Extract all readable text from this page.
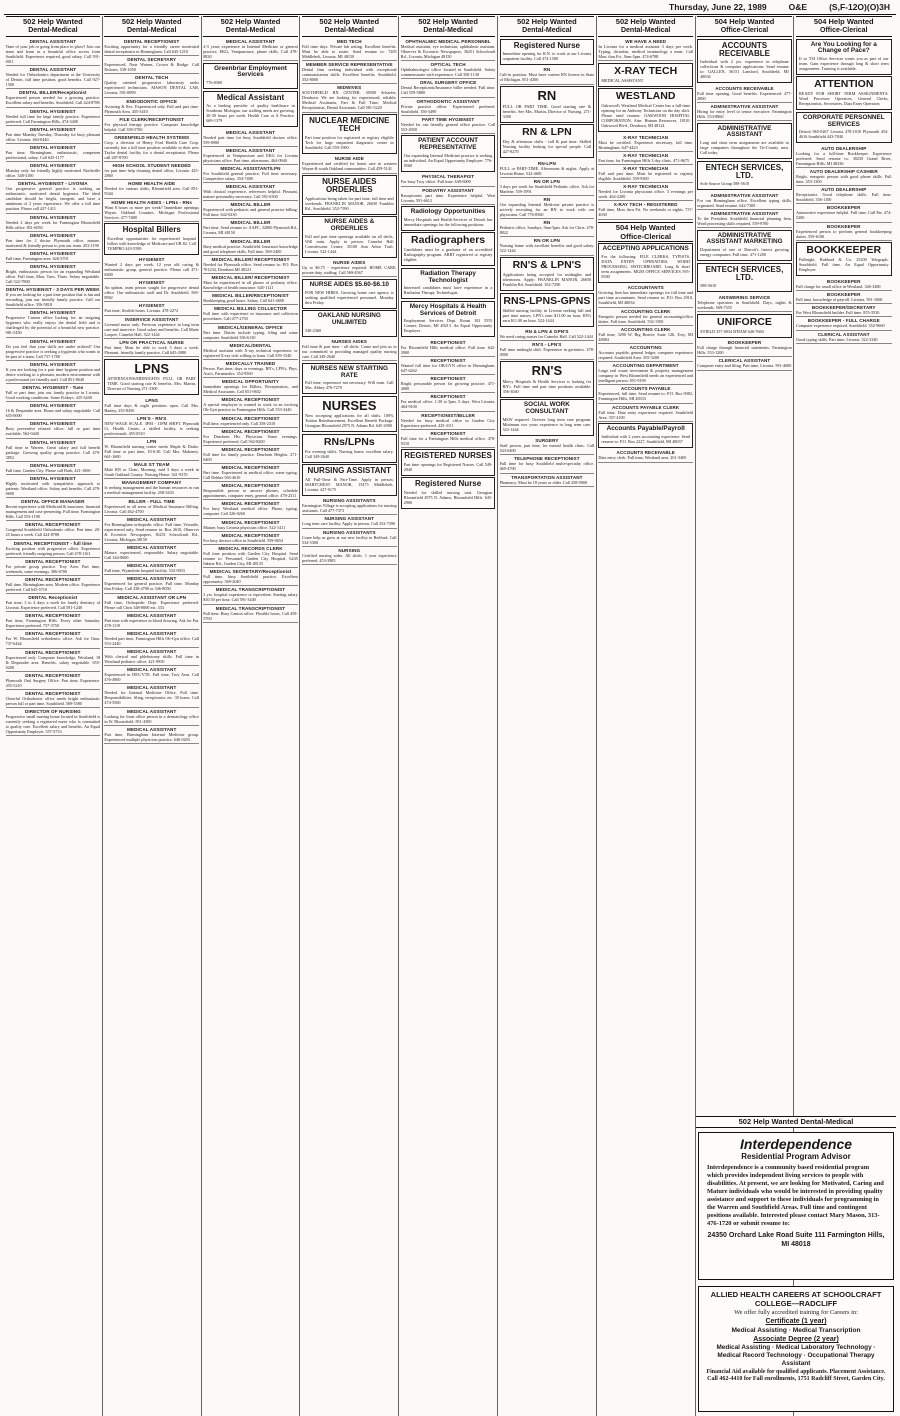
Thursday, June 22, 1989	O&E	(S,F-12O)(O)3H
502 Help Wanted
Dental-Medical
DENTAL ASSISTANT
Time of your job or going from place to place? Join our team and learn in a beautiful office across from Southfield. Experience required, good salary. Call 591-0011
DENTAL ASSISTANT
Needed for Orthodontics department at the University of Detroit, full time position, good benefits. Call 927-1500
DENTAL BILLER/Receptionist
Experienced person needed for a growing practice. Excellent salary and benefits. Southfield. Call 424-8788
DENTAL HYGIENIST
Needed full time for large family practice. Experience preferred. Call Farmington Hills, 474-3400
DENTAL HYGIENIST
Part time Monday Tuesday, Thursday for busy pleasant office. Livonia. 464-0440
DENTAL HYGIENIST
Part time, Birmingham, enthusiastic, competent professional, salary. Call 645-1177
DENTAL HYGIENIST
Monday only for friendly highly motivated Northville office. 348-3100
DENTAL HYGIENIST - LIVONIA
Our progressive general practice is seeking an enthusiastic, motivated dental hygienist. The ideal candidate should be bright, energetic and have a minimum of 2 years experience. We offer a full time position. Please call 427-1411
DENTAL HYGIENIST
Needed 2 days per week for Farmington Bloomfield Hills office. 851-6050
DENTAL HYGIENIST
Part time for 2 doctor Plymouth office, mature, motivated & friendly person to join our team. 453-1190
DENTAL HYGIENIST
Full time, Farmington area. 626-3701
DENTAL HYGIENIST
Bright, enthusiastic person for an expanding Westland office. Full time, Mon, Tues, Thurs. Salary negotiable. Call 522-7800
DENTAL HYGIENIST - 3 DAYS PER WEEK
If you are looking for a part time position that is fun and rewarding, join our friendly family practice. Call our Southfield office. 356-5818
DENTAL HYGIENIST
Progressive Canton office looking for an outgoing hygienist who really enjoys the dental field and is challenged by the potential of a beautiful new practice. 981-5450
DENTAL HYGIENIST
Do you feel that your skills are under utilized? Our progressive practice is seeking a hygienist who wants to be part of a team. Call 737-1700
DENTAL HYGIENIST
If you are looking for a part time hygiene position and desire working in a pleasant, modern environment with a professional yet friendly staff. Call 851-8640
DENTAL HYGIENIST - Tues
Full or part time, join our family practice in Livonia. Good working conditions. Some Fridays. 425-3440
DENTAL HYGIENIST
16 & Dequindre area. Hours and salary negotiable. Call 655-0000
DENTAL HYGIENIST
Busy preventive relaxed office, full or part time available. 562-0440
DENTAL HYGIENIST
Full time in Warren. Great salary and full benefit package. Growing quality group practice. Call 479-3852
DENTAL HYGIENIST
Full time, Garden City. Please call Barb, 421-1000
DENTAL HYGIENIST
Highly motivated with sympathetic approach to patients. Westland office. Salary and benefits. Call 478-0600
DENTAL OFFICE MANAGER
Recent experience with Medicaid & insurance, financial management and case presenting. Full time, Farmington Hills. Call 553-1198
DENTAL RECEPTIONIST
Congenial Southfield Orthodontic office. Part time. 20-25 hours a week. Call 424-8788
DENTAL RECEPTIONIST - full time
Exciting position with progressive office. Experience preferred, friendly outgoing person. Call 478-1161
DENTAL RECEPTIONIST
For private group practice. Troy Area. Part time, weekends, some evenings. 586-6700
DENTAL RECEPTIONIST
Full time. Birmingham area. Modern office. Experience preferred. Call 645-5710
DENTAL Receptionist
Part time, 3 to 4 days a week for family dentistry of Livonia. Experience preferred. Call 591-1240
DENTAL RECEPTIONIST
Part time, Farmington Hills. Every other Saturday. Experience preferred. 737-3750
DENTAL RECEPTIONIST
For W. Bloomfield orthodontic office. Ask for Gina. 737-6444
DENTAL RECEPTIONIST
Experienced only. Computer knowledge, Westland, 18 & Dequindre area. Benefits, salary negotiable. 655-0200
DENTAL RECEPTIONIST
Plymouth Oral Surgery Office. Part time, Experience. 455-5210
DENTAL RECEPTIONIST
Cheerful Orthodontic office needs bright enthusiastic person full or part time. Southfield. 569-5580
DIRECTOR OF NURSING
Progressive small nursing home located in Southfield is currently seeking a registered nurse who is committed to quality care. Excellent salary and benefits. An Equal Opportunity Employer. 557-3733
502 Help Wanted
Dental-Medical
DENTAL RECEPTIONIST
Exciting opportunity for a friendly career motivated dental receptionist in Birmingham. Call 645-1210
DENTAL SECRETARY
Experienced, Near Warren, Crown & Bridge. Call Dolores, 539-1050
DENTAL TECH
Quality oriented progressive laboratory seeks experienced technicians. MASON DENTAL LAB, Livonia. 591-0099
ENDODONTIC OFFICE
Assisting & Rec. Experienced only. Full and part time. Plymouth Area. 455-3410
FILE CLERK/RECEPTIONIST
For physical therapy practice. Computer knowledge helpful. Call 358-5700
GREENFIELD HEALTH SYSTEMS
Corp. a division of Henry Ford Health Care Corp. currently has a full time position available in their new Taylor dental facility for a dental receptionist. Please call 287-8700
HIGH SCHOOL STUDENT NEEDED
for part time help cleaning dental office, Livonia. 425-2860
HOME HEALTH AIDE
Needed for various shifts, Bloomfield area. Call 851-9344
HOME HEALTH AIDES - LPNs - RNs
Want 8 hours or more per week? Immediate openings Wayne, Oakland Counties. Michigan Professional Services. 477-7488
Hospital Billers
Excellent opportunities for experienced hospital billers with knowledge of Medicare and UB 82. Call TEMPRO 443-5590
HYGIENIST
Wanted 2 days per week, 12 year old caring & enthusiastic group, general practice. Please call 471-8400
HYGIENIST
An upbeat, team person sought for progressive dental office. Our enthusiastic staff and Dr. Southfield. 569-8902
HYGIENIST
Part time, flexible hours. Livonia. 478-2272
INSERVICE ASSISTANT
Licensed nurse only. Previous experience in long term care and inservice. Good salary and benefits. Call Marie Loopee, Camelot Hall. 522-1444
LPN OR PRACTICAL NURSE
Part time, Must be able to work 3 days a week. Pleasant, friendly family practice. Call 645-2080
LPNS
AFTERNOONS/MIDNIGHTS FULL OR PART TIME. Good starting rate & benefits. Mrs. Martin, Director of Nursing 271-3300
LPNS
Full time days & night positions open. Call Mrs. Hanley, 255-8450
LPN'S - RN'S
NEW WAGE SCALE. 3PM - 11PM SHIFT. Plymouth Ct. Health Center, a skilled facility, is seeking professionals. 455-0510
LPN
W. Bloomfield nursing center needs Maple & Drake. Full time or part time, 10-6:30. Call Mrs. Mahoney. 661-1600
MALE ST TEAM
Male RN or Chair, Morning, mid 3 days a week in South Oakland County. Nursing Home. 541-9270
MANAGEMENT COMPANY
Is seeking management and the human resources to run a medical management facility. 258-3433
BILLER - FULL TIME
Experienced in all areas of Medical Insurance Billing. Livonia. Call 462-4700
MEDICAL ASSISTANT
For Birmingham orthopedic office. Full time, Versatile, experienced only. Send resume to: Box 2610, Observer & Eccentric Newspapers, 36251 Schoolcraft Rd., Livonia, Michigan 48150
MEDICAL ASSISTANT
Mature, experienced, responsible. Salary negotiable. Call 344-0600
MEDICAL ASSISTANT
Full time, Wyandotte hospital facility. 532-0033
MEDICAL ASSISTANT
Experienced for general practice. Full time. Monday thru Friday. Call 338-4700 or 346-8050
MEDICAL ASSISTANT OR LPN
Full time, Orthopedic Dept. Experience preferred. Please call Chris 348-8000 ext. 333
MEDICAL ASSISTANT
Part time with experience in blood drawing. Ask for Pat. 478-1119
MEDICAL ASSISTANT
Needed part time, Farmington Hills Ob-Gyn office. Call 553-2440
MEDICAL ASSISTANT
With clerical and phlebotomy skills. Full time in Westland pediatric office. 421-0950
MEDICAL ASSISTANT
Experienced in DEC/VTE. Full time, Troy Area. Call 476-4900
MEDICAL ASSISTANT
Needed for Internal Medicine Office. Full time. Responsibilities: filing, receptionist, etc. 30 hours. Call 474-5500
MEDICAL ASSISTANT
Looking for front office person in a dermatology office in W. Bloomfield. 851-4500
MEDICAL ASSISTANT
Part time, Birmingham Internal Medicine group. Experienced multiple physician practice. 646-0203
502 Help Wanted
Dental-Medical
MEDICAL ASSISTANT
2-3 years experience in Internal Medicine or general practice, EKG, Venipuncture, phone skills. Call 478-8830
Greenbriar Employment Services
776-0560
Medical Assistant
As a leading provider of quality healthcare in Southeast Michigan, our staffing needs are growing. 20-30 hours per week. Health Care at A Practice. 669-1379
MEDICAL ASSISTANT
Needed part time for busy Southfield doctors office. 559-0900
MEDICAL ASSISTANT
Experienced in Venipuncture and EKG for Livonia physicians office. Part time, afternoons. 464-0940
MEDICAL ASSISTANT/LPN
For Southfield general practice, Full time necessary. Competitive salary. 354-7480
MEDICAL ASSISTANT
With clinical experience, references helpful. Pleasant, mature personality necessary. Call 591-6300
MEDICAL BILLER
Experienced with pediatric and general practice billing. Full time. 642-0230
MEDICAL BILLER
Part time. Send resume to: AAPC, 32000 Plymouth Rd., Livonia, MI 48150
MEDICAL BILLER
Busy medical practice. Southfield. Insurance knowledge and good telephone skills. Full time. 569-2400
MEDICAL BILLER/ RECEPTIONIST
Needed for Plymouth office. Send resume to: P.O. Box 701234, Dearborn MI 48121
MEDICAL BILLER/ RECEPTIONIST
Must be experienced in all phases of podiatry office. Knowledge of health insurance. 645-1121
MEDICAL BILLER/RECEPTIONIST
Bookkeeping good hours. Salary. Call 641-4600
MEDICAL BILLING COLLECTOR
Full time with experience in insurance and collection procedures. Call 477-2750
MEDICAL/GENERAL OFFICE
Part time. Duties include typing, filing and some computer. Southfield 356-6130
MEDICAL/DENTAL
Medical assistant with X-ray technical experience, or registered X-ray tech willing to learn. Call 559-1540
MEDICALLY TRAINED
Person. Part time, days or evenings. RN's, LPN's, Phys. Asst's, Paramedics. 352-9560
MEDICAL OPPORTUNITY
Immediate openings for Billers, Receptionists, and Medical Assistants. Call 651-0652
MEDICAL RECEPTIONIST
A special employee is wanted to work in an exciting Ob-Gyn practice in Farmington Hills. Call 553-3440
MEDICAL RECEPTIONIST
Full time, experienced only. Call 358-2310
MEDICAL RECEPTIONIST
For Dearborn Hts. Physician. Some evenings. Experience preferred. Call 562-8200
MEDICAL RECEPTIONIST
Full time for family practice. Dearborn Heights. 271-6400
MEDICAL RECEPTIONIST
Part time. Experienced in medical office, some typing. Call Debbie 563-4610
MEDICAL RECEPTIONIST
Responsible person to answer phones, schedule appointments, computer entry, general office. 478-2311
MEDICAL RECEPTIONIST
For busy Westland medical office. Phone, typing, computer. Call 326-0260
MEDICAL RECEPTIONIST
Mature, busy Livonia physician office. 522-1411
MEDICAL RECEPTIONIST
For busy doctors office in Southfield. 559-0654
MEDICAL RECORDS CLERK
Full time position with Garden City Hospital. Send resume to: Personnel, Garden City Hospital, 6245 Inkster Rd., Garden City, MI 48135
MEDICAL SECRETARY/Receptionist
Full time, busy Southfield practice. Excellent opportunity. 569-2040
MEDICAL TRANSCRIPTIONIST
2 yrs. hospital experience or equivalent. Starting salary $10.50 per hour. Call 591-3440
MEDICAL TRANSCRIPTIONIST
Full time. Busy Canton office. Flexible hours. Call 459-5700
502 Help Wanted
Dental-Medical
MED TECH
Full time days. Private lab setting. Excellent benefits. Must be able to rotate. Send resume to: 7205 Middlebelt, Livonia, MI 48150
MEMBER SERVICE REPRESENTATIVE
Dental firm seeking individual with exceptional communication skills. Excellent benefits. Southfield. 352-8000
MIDWIVES
SOUTHFIELD RN CENTER. 30500 Schaefer, Dearborn. We are looking for experienced, reliable: Medical Assistants, Part & Full Time, Medical Receptionists, Dental Assistants. Call 581-5220
NUCLEAR MEDICINE TECH
Part time position for registered or registry eligible Tech for large outpatient diagnostic center in Southfield. Call 559-1900
NURSE AIDE
Experienced and certified for home care in western Wayne & south Oakland communities. Call 459-5141
NURSE AIDES ORDERLIES
Applications being taken for part time, full time and weekends. FRANKLIN MANOR, 26650 Franklin Rd., Southfield. 352-7390
NURSE AIDES & ORDERLIES
Full and part time openings available on all shifts. Will train. Apply in person: Camelot Hall Convalescent Center, 35100 Ann Arbor Trail, Livonia. 522-1444.
NURSE AIDES
Up to $6.75 - experience required. HOME CARE, private duty, staffing. Call 569-4567
NURSE AIDES $5.60-$6.10
FOR NEW HIRES. Growing home care agency is seeking qualified experienced personnel. Monday thru Friday.
OAKLAND NURSING UNLIMITED
540-2360
NURSES AIDES
Full time & part time - all shifts. Come and join us in our committed to providing managed quality nursing care. Call 349-2640
NURSES NEW STARTING RATE
Full time, experience not necessary. Will train. Call Mrs. Abbey 476-7270
NURSES
Now accepting applications for all shifts. 100% Tuition Reimbursement, Excellent Benefit Package. Georgian Bloomfield 2975 N. Adams Rd. 645-2900
RNs/LPNs
For evening shifts. Nursing home, excellent salary. Call 349-2640
NURSING ASSISTANT
All Full-Time & Part-Time. Apply in person. MARYCREST MANOR, 15475 Middlebelt, Livonia. 427-9175
NURSING ASSISTANTS
Farmington Village is accepting applications for nursing assistants. Call 477-7373
NURSING ASSISTANT
Long term care facility. Apply in person. Call 352-7390
NURSING ASSISTANTS
Come help us grow at our new facility in Redford. Call 534-5300
NURSING
Certified nursing aides. All shifts. 1 year experience preferred. 453-3983
502 Help Wanted
Dental-Medical
OPHTHALMIC MEDICAL PERSONNEL
Medical assistant, eye technician, ophthalmic assistant. Observer & Eccentric Newspapers, 36251 Schoolcraft Rd., Livonia, Michigan 48150
OPTICAL TECH
Ophthalmologist office located in Southfield. Salary commensurate with experience. Call 350-1130
ORAL SURGERY OFFICE
Dental Receptionist/Insurance biller needed. Full time. Call 559-5880
ORTHODONTIC ASSISTANT
Private practice office. Experienced preferred. Southfield. 356-3490
PART TIME HYGIENIST
Needed for our friendly general office practice. Call 553-2900
PATIENT ACCOUNT REPRESENTATIVE
Our expanding Internal Medicine practice is seeking an individual. An Equal Opportunity Employer. 776-0560
PHYSICAL THERAPIST
For busy Troy office. Full time. 649-6000
PODIATRY ASSISTANT
Receptionist part time. Experience helpful. West Livonia. 591-6612
Radiology Opportunities
Mercy Hospitals and Health Services of Detroit has immediate openings for the following positions:
Radiographers
Candidates must be a graduate of an accredited Radiography program. ARRT registered or registry eligible.
Radiation Therapy Technologist
Interested candidates must have experience in a Radiation Therapy Technologist.
Mercy Hospitals & Health Services of Detroit
Employment Services Dept. Room 103 5555 Conner, Detroit, MI 48213. An Equal Opportunity Employer
RECEPTIONIST
For Bloomfield Hills medical office. Full time. 642-3900
RECEPTIONIST
Wanted full time for OB/GYN office in Birmingham. 647-6262
RECEPTIONIST
Bright personable person for growing practice. 471-4000
RECEPTIONIST
For medical office. 1:30 to 5pm. 5 days. West Livonia. 464-9100
RECEPTIONIST/BILLER
Needed for busy medical office in Garden City. Experience preferred. 425-3111
RECEPTIONIST
Full time for a Farmington Hills medical office. 478-9310
REGISTERED NURSES
Part time openings for Registered Nurses. Call 549-2940
Registered Nurse
Needed for skilled nursing unit. Georgian Bloomfield 2975 N. Adams, Bloomfield Hills. 645-2900
502 Help Wanted
Dental-Medical
Registered Nurse
Immediate opening for R.N. to work at our Livonia outpatient facility. Call 474-1500
RN
Call-in position. Must have current RN license in State of Michigan. 851-4300
RN
FULL OR PART TIME. Good starting rate & benefits. See Mrs. Martin, Director of Nursing. 271-3300
RN & LPN
Day & afternoon shifts - full & part time. Skilled Nursing facility looking for special people. Call 427-8270
RN-LPN
FULL or PART-TIME. Afternoons & nights. Apply at Livonia Home. 522-4681
RN OR LPN
3 days per week for Southfield Pediatric office. Ask for Marlene. 559-1991
RN
Our expanding Internal Medicine private practice is actively recruiting for an RN to work with our physicians. Call 776-0560
RN
Pediatric office, Sundays, 9am-5pm. Ask for Chris. 478-8822
RN OR LPN
Nursing home with excellent benefits and good salary. 522-1444
RN'S & LPN'S
Applications being accepted for midnights and afternoons. Apply: FRANKLIN MANOR, 26650 Franklin Rd, Southfield. 352-7390
RNS-LPNS-GPNS
Skilled nursing facility in Livonia seeking full and part time nurses. LPN's earn $11.00 an hour. RN's earn $11.00 an hour. 522-1444
RN & LPN & GPN'S
We need caring nurses for Camelot Hall. Call 522-1444
RN'S - LPN'S
Full time midnight shift. Experience in geriatrics. 478-4900
RN'S
Mercy Hospitals & Health Services is looking for RN's. Full time and part time positions available. 356-3040
SOCIAL WORK CONSULTANT
MSW required. Oversee long term care program. Minimum two years experience in long term care. 522-1444
SURGERY
Staff person, part time, for mental health clinic. Call 543-6400
TELEPHONE RECEPTIONIST
Full time for busy Southfield multi-specialty office. 469-4700
TRANSPORTATION ASSISTANT
Pharmacy. Must be 18 years or older. Call 258-0900
502 Help Wanted
Dental-Medical
WE HAVE A NEED
In Livonia for a medical assistant 3 days per week. Typing, dictation, medical terminology a must. Call Mon. thru Fri., 8am-5pm. 474-6788
X-RAY TECH
MEDICAL ASSISTANT
WESTLAND
Oakwood's Westland Medical Center has a full-time opening for an Anthony Technician on the day shift. Please send resume: OAKWOOD HOSPITAL CORPORATION, Attn: Human Resources, 18101 Oakwood Blvd., Dearborn, MI 48124
X-RAY TECHNICIAN
Must be certified. Experience necessary, full time. Birmingham. 647-4423
X-RAY TECHNICIAN
Part time, for Farmington Hills 3 day clinic. 471-0675
X-RAY TECHNICIAN
Full and part time. Must be registered or registry eligible. Southfield. 559-9300
X-RAY TECHNICIAN
Needed for Livonia physicians office. 3 evenings per week. 464-2200
X-RAY TECH - REGISTERED
Full time, Mon. thru Fri. No weekends or nights. 737-4030
504 Help Wanted
Office-Clerical
ACCEPTING APPLICATIONS
For the following: FILE CLERKS, TYPISTS, DATA ENTRY OPERATORS, WORD PROCESSING, SWITCHBOARD. Long & short term assignments. MGM OFFICE SERVICES 595-8500
ACCOUNTANTS
Growing firm has immediate openings for full time and part time accountants. Send resume to: P.O. Box 2910, Southfield, MI 48034
ACCOUNTING CLERK
Energetic person needed for general accounting/office duties. Full time, Southfield. 552-1500
ACCOUNTING CLERK
Full time, 3290 W. Big Beaver, Suite 126, Troy, MI 48084
ACCOUNTING
Accounts payable, general ledger, computer experience required. Southfield Area. 355-3200
ACCOUNTING DEPARTMENT
Large real estate investment & property management company in West Bloomfield needs an experienced and intelligent person. 851-9190
ACCOUNTS PAYABLE
Experienced, full time. Send resume to: P.O. Box 9082, Farmington Hills, MI 48333
ACCOUNTS PAYABLE CLERK
Full time. Data entry experience required. Southfield Area. 357-4100
Accounts Payable/Payroll
Individual with 2 years accounting experience. Send resume to: P.O. Box 2227, Southfield, MI 48037
ACCOUNTS RECEIVABLE
Data entry clerk. Full time, Westland area. 261-3400
504 Help Wanted
Office-Clerical
ACCOUNTS RECEIVABLE
Individual with 2 yrs. experience in telephone collections & computer applications. Send resume to: GALLEN, 36151 Lansford, Southfield, MI 48034
ACCOUNTS RECEIVABLE
Full time opening. Good benefits. Experienced. 477-2800
ADMINISTRATIVE ASSISTANT
Hiring for entry level to senior executive. Farmington Hills. 553-8860
ADMINISTRATIVE ASSISTANT
Long and short term assignments are available in large companies throughout the Tri-County area. Call today.
ENTECH SERVICES, LTD.
Sole Source Group 588-5610
ADMINISTRATIVE ASSISTANT
For our Birmingham office. Excellent typing skills, organized. Send resume. 642-7300
ADMINISTRATIVE ASSISTANT
To the President. Southfield financial planning firm. Word processing skills required. 559-9700
ADMINISTRATIVE ASSISTANT MARKETING
Department of one of Detroit's fastest growing energy companies. Full time. 471-1200
ENTECH SERVICES, LTD.
588-5610
ANSWERING SERVICE
Telephone operators in Southfield. Days, nights & weekends. 569-7355
UNIFORCE
S'FIELD 357-0034 B'HAM 646-7660
BOOKKEEPER
Full charge through financial statements. Farmington Hills. 553-1200
CLERICAL ASSISTANT
Computer entry and filing. Part time, Livonia. 591-4600
504 Help Wanted
Office-Clerical
Are You Looking for a Change of Pace?
If so TSI Office Services wants you as part of our team. Gain experience through long & short term assignments. Training is available.
ATTENTION
READY FOR SHORT TERM ASSIGNMENTS: Word Processor Operators, General Clerks, Receptionists, Secretaries, Data Entry Operators
CORPORATE PERSONNEL SERVICES
Detroit 965-0267 Livonia 478-1010 Plymouth 454-4616 Southfield 443-7840
AUTO DEALERSHIP
Looking for a full-time Bookkeeper. Experience preferred. Send resume to: 30250 Grand River, Farmington Hills, MI 48336
AUTO DEALERSHIP CASHIER
Bright, energetic person with good phone skills. Full time. 353-1300
AUTO DEALERSHIP
Receptionist. Good telephone skills. Full time. Southfield. 356-1100
BOOKKEEPER
Automotive experience helpful. Full time. Call Pat. 474-5200
BOOKKEEPER
Experienced person to perform general bookkeeping duties. 559-6100
BOOKKEEPER
Fulbright, Rubbard & Co. 25200 Telegraph, Southfield. Full time. An Equal Opportunity Employer.
BOOKKEEPER
Full charge for small office in Westland. 326-3480
BOOKKEEPER
Full time, knowledge of payroll. Livonia. 591-1600
BOOKKEEPER/SECRETARY
For West Bloomfield builder. Full time. 855-3530
BOOKKEEPER - FULL CHARGE
Computer experience required. Southfield. 352-9660
CLERICAL ASSISTANT
Good typing skills. Part time, Livonia. 522-3340
502 Help Wanted Dental-Medical
Interdependence
Residential Program Advisor
Interdependence is a community based residential program which provides independent living services to people with disabilities. At present, we are looking for Motivated, Caring and Mature individuals who would be interested in providing quality assistance and support to these individuals for programming in the Warren and Southfield Areas. Full time and contingent positions available. Interested please contact Mary Mason, 313-476-1720 or submit resume to:
24350 Orchard Lake Road Suite 111 Farmington Hills, MI 48018
ALLIED HEALTH CAREERS AT SCHOOLCRAFT COLLEGE—RADCLIFF
We offer fully accredited training for Careers in:
Certificate (1 year)
Medical Assisting · Medical Transcription
Associate Degree (2 year)
Medical Assisting · Medical Laboratory Technology · Medical Record Technology · Occupational Therapy Assistant
Financial Aid available for qualified applicants. Placement Assistance. Call 462-4410 for Fall enrollments, 1751 Radcliff Street, Garden City.
